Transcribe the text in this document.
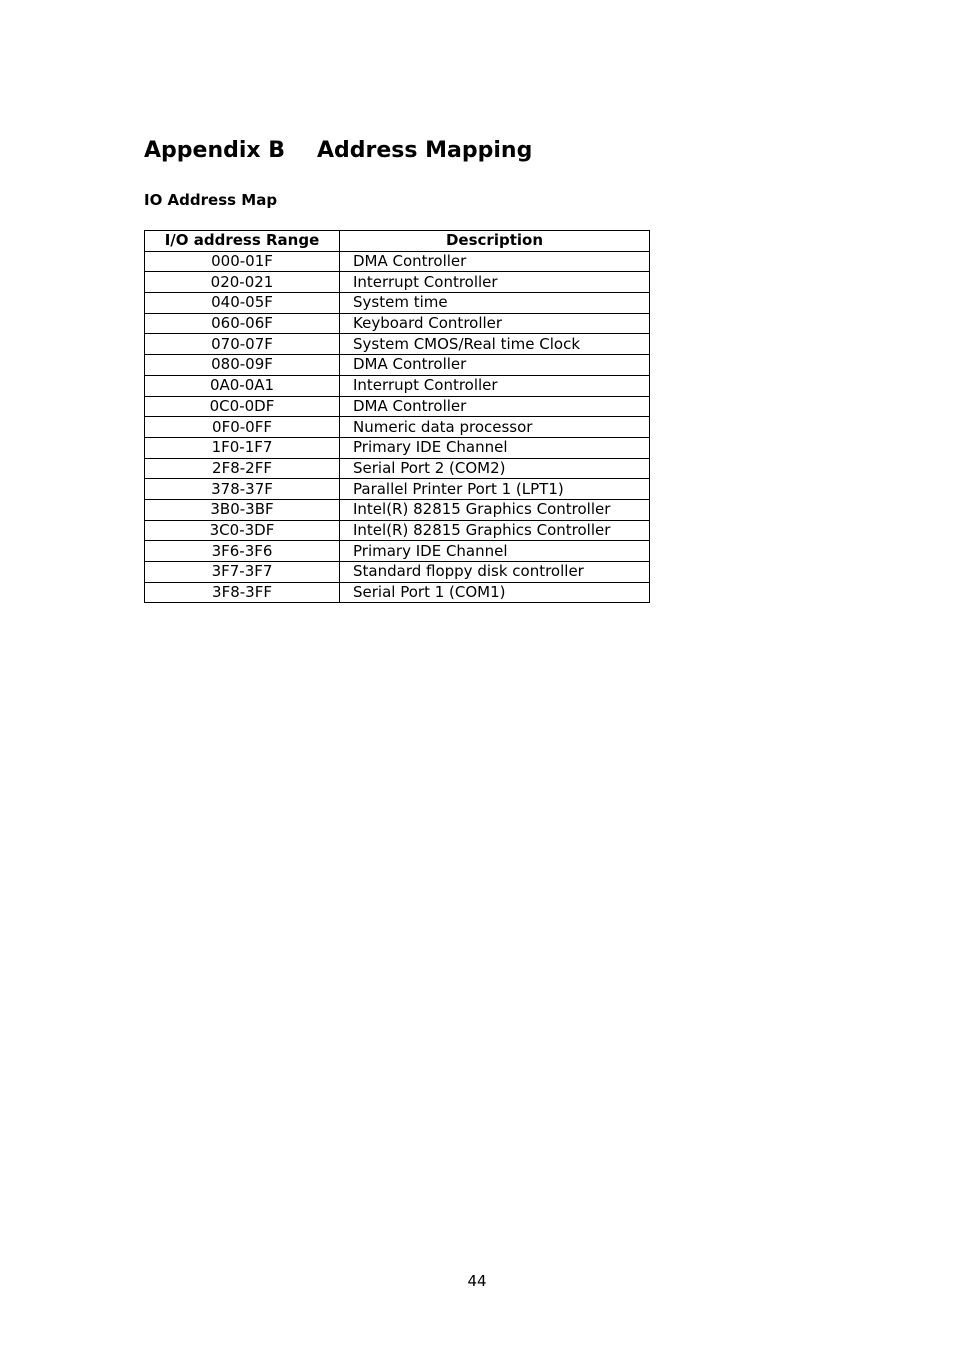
Appendix B Address Mapping
IO Address Map
I/O address Range	Description
000-01F	DMA Controller
020-021	Interrupt Controller
040-05F	System time
060-06F	Keyboard Controller
070-07F	System CMOS/Real time Clock
080-09F	DMA Controller
0A0-0A1	Interrupt Controller
0C0-0DF	DMA Controller
0F0-0FF	Numeric data processor
1F0-1F7	Primary IDE Channel
2F8-2FF	Serial Port 2 (COM2)
378-37F	Parallel Printer Port 1 (LPT1)
3B0-3BF	Intel(R) 82815 Graphics Controller
3C0-3DF	Intel(R) 82815 Graphics Controller
3F6-3F6	Primary IDE Channel
3F7-3F7	Standard floppy disk controller
3F8-3FF	Serial Port 1 (COM1)
44
